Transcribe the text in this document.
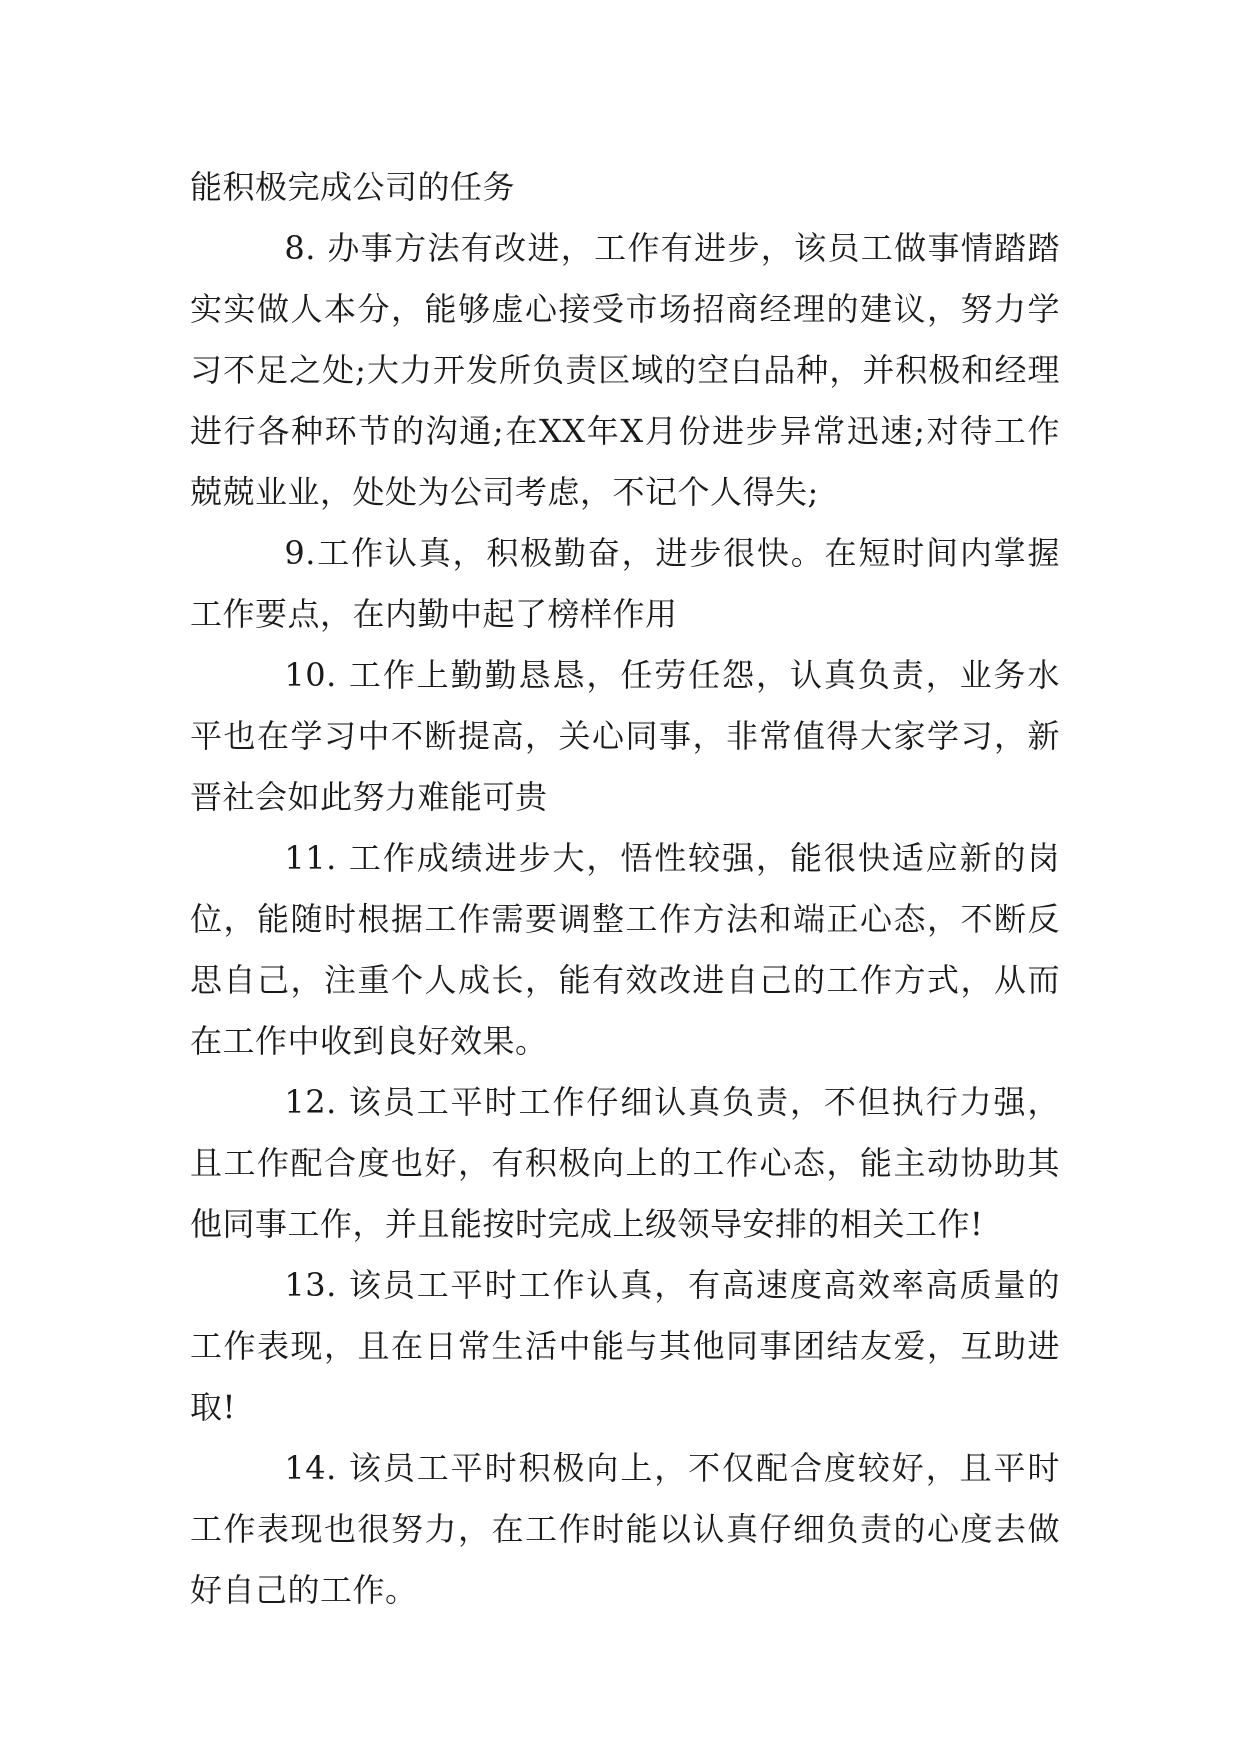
能积极完成公司的任务

8. 办事方法有改进，工作有进步，该员工做事情踏踏实实做人本分，能够虚心接受市场招商经理的建议，努力学习不足之处;大力开发所负责区域的空白品种，并积极和经理进行各种环节的沟通;在XX年X月份进步异常迅速;对待工作兢兢业业，处处为公司考虑，不记个人得失;

9.工作认真，积极勤奋，进步很快。在短时间内掌握工作要点，在内勤中起了榜样作用

10. 工作上勤勤恳恳，任劳任怨，认真负责，业务水平也在学习中不断提高，关心同事，非常值得大家学习，新晋社会如此努力难能可贵

11. 工作成绩进步大，悟性较强，能很快适应新的岗位，能随时根据工作需要调整工作方法和端正心态，不断反思自己，注重个人成长，能有效改进自己的工作方式，从而在工作中收到良好效果。

12. 该员工平时工作仔细认真负责，不但执行力强，且工作配合度也好，有积极向上的工作心态，能主动协助其他同事工作，并且能按时完成上级领导安排的相关工作!

13. 该员工平时工作认真，有高速度高效率高质量的工作表现，且在日常生活中能与其他同事团结友爱，互助进取!

14. 该员工平时积极向上，不仅配合度较好，且平时工作表现也很努力，在工作时能以认真仔细负责的心度去做好自己的工作。
